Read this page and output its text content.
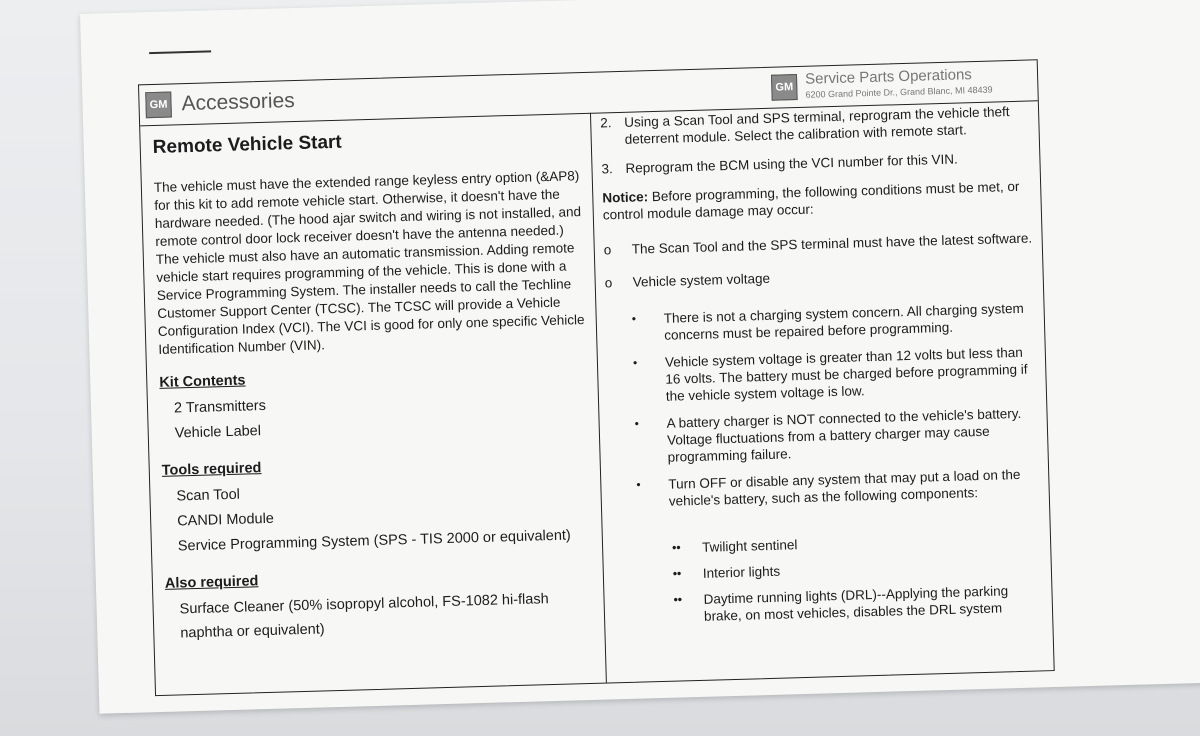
GM Accessories
GM Service Parts Operations
6200 Grand Pointe Dr., Grand Blanc, MI 48439
Remote Vehicle Start

The vehicle must have the extended range keyless entry option (&AP8) for this kit to add remote vehicle start. Otherwise, it doesn't have the hardware needed. (The hood ajar switch and wiring is not installed, and remote control door lock receiver doesn't have the antenna needed.) The vehicle must also have an automatic transmission. Adding remote vehicle start requires programming of the vehicle. This is done with a Service Programming System. The installer needs to call the Techline Customer Support Center (TCSC). The TCSC will provide a Vehicle Configuration Index (VCI). The VCI is good for only one specific Vehicle Identification Number (VIN).

Kit Contents
2 Transmitters
Vehicle Label
Tools required
Scan Tool
CANDI Module
Service Programming System (SPS - TIS 2000 or equivalent)
Also required
Surface Cleaner (50% isopropyl alcohol, FS-1082 hi-flash naphtha or equivalent)
2. Using a Scan Tool and SPS terminal, reprogram the vehicle theft deterrent module. Select the calibration with remote start.
3. Reprogram the BCM using the VCI number for this VIN.
Notice: Before programming, the following conditions must be met, or control module damage may occur:
o	The Scan Tool and the SPS terminal must have the latest software.
o	Vehicle system voltage
•	There is not a charging system concern. All charging system concerns must be repaired before programming.
•	Vehicle system voltage is greater than 12 volts but less than 16 volts. The battery must be charged before programming if the vehicle system voltage is low.
•	A battery charger is NOT connected to the vehicle's battery. Voltage fluctuations from a battery charger may cause programming failure.
•	Turn OFF or disable any system that may put a load on the vehicle's battery, such as the following components:
••	Twilight sentinel
••	Interior lights
••	Daytime running lights (DRL)--Applying the parking brake, on most vehicles, disables the DRL system
